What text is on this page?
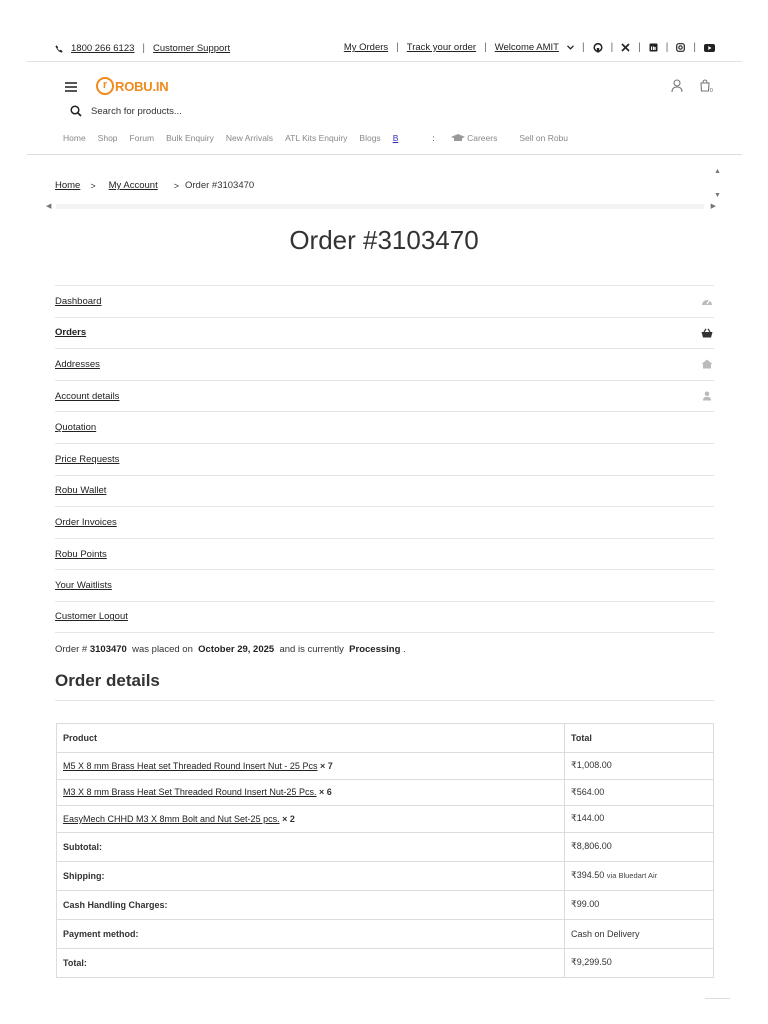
1800 266 6123 | Customer Support	My Orders | Track your order | Welcome AMIT |	|	|	|	|
r ROBU.IN	0
Search for products...
Home Shop Forum Bulk Enquiry New Arrivals ATL Kits Enquiry Blogs B	:	Careers	Sell on Robu
▲
▼
Home > My Account > Order #3103470
◀	▶
Order #3103470
Dashboard
Orders
Addresses
Account details
Quotation
Price Requests
Robu Wallet
Order Invoices
Robu Points
Your Waitlists
Customer Logout
Order # 3103470 was placed on October 29, 2025 and is currently Processing .
Order details
Product	Total
M5 X 8 mm Brass Heat set Threaded Round Insert Nut - 25 Pcs × 7	₹1,008.00
M3 X 8 mm Brass Heat Set Threaded Round Insert Nut-25 Pcs. × 6	₹564.00
EasyMech CHHD M3 X 8mm Bolt and Nut Set-25 pcs. × 2	₹144.00
Subtotal:	₹8,806.00
Shipping:	₹394.50 via Bluedart Air
Cash Handling Charges:	₹99.00
Payment method:	Cash on Delivery
Total:	₹9,299.50
